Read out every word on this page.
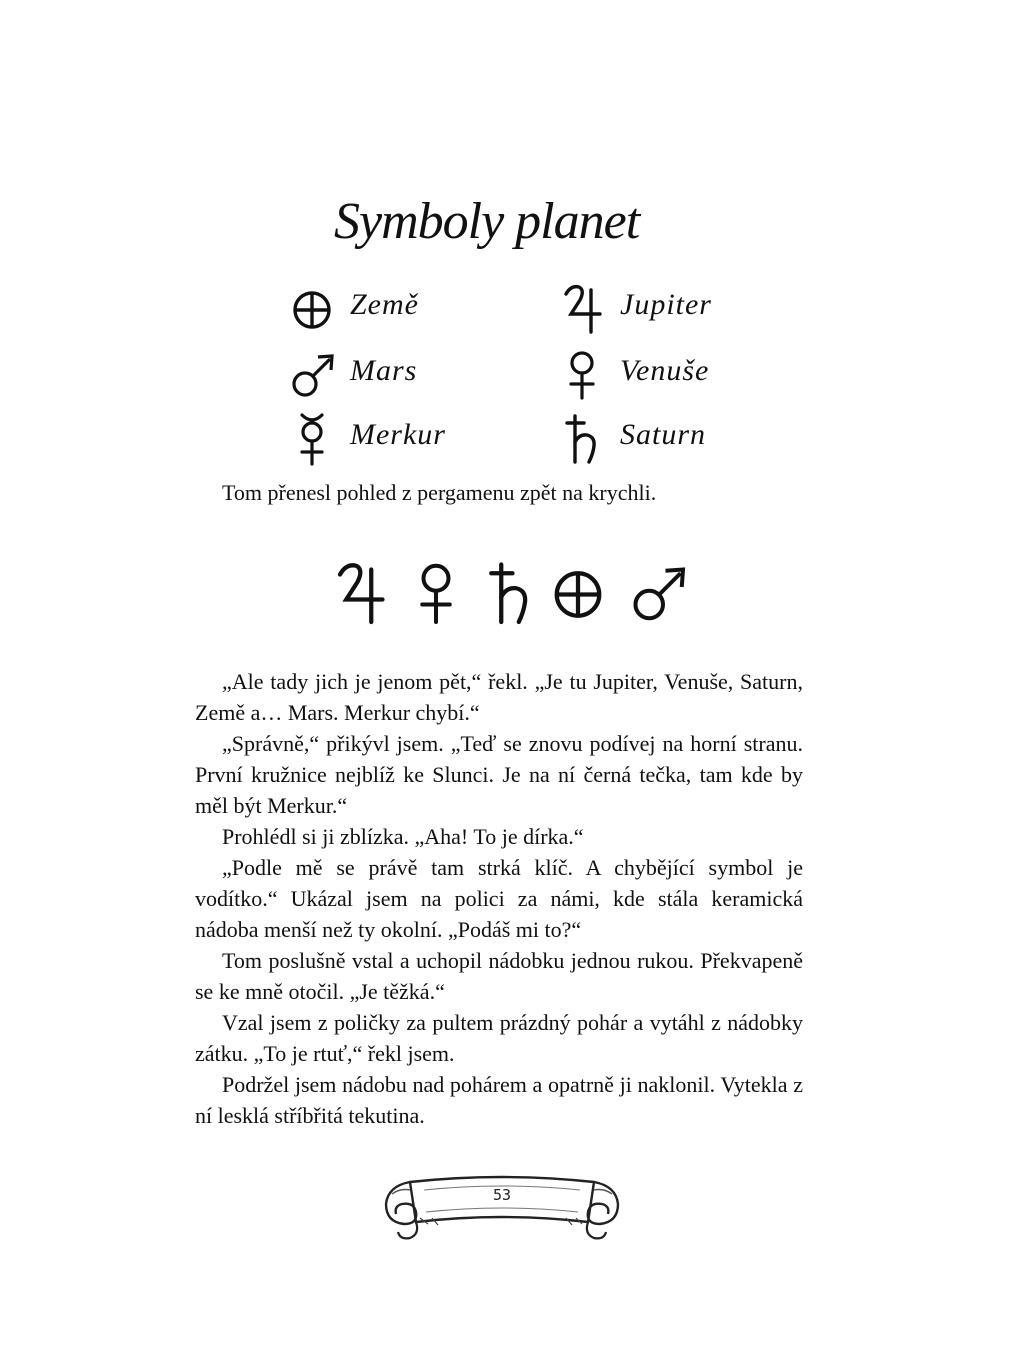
Symboly planet
Země	Jupiter
Mars	Venuše
Merkur	Saturn

Tom přenesl pohled z pergamenu zpět na krychli.

„Ale tady jich je jenom pět,“ řekl. „Je tu Jupiter, Venuše, Saturn, Země a… Mars. Merkur chybí.“

„Správně,“ přikývl jsem. „Teď se znovu podívej na horní stranu. První kružnice nejblíž ke Slunci. Je na ní černá tečka, tam kde by měl být Merkur.“

Prohlédl si ji zblízka. „Aha! To je dírka.“

„Podle mě se právě tam strká klíč. A chybějící symbol je vodítko.“ Ukázal jsem na polici za námi, kde stála keramická nádoba menší než ty okolní. „Podáš mi to?“

Tom poslušně vstal a uchopil nádobku jednou rukou. Překvapeně se ke mně otočil. „Je těžká.“

Vzal jsem z poličky za pultem prázdný pohár a vytáhl z nádobky zátku. „To je rtuť,“ řekl jsem.

Podržel jsem nádobu nad pohárem a opatrně ji naklonil. Vytekla z ní lesklá stříbřitá tekutina.

53
